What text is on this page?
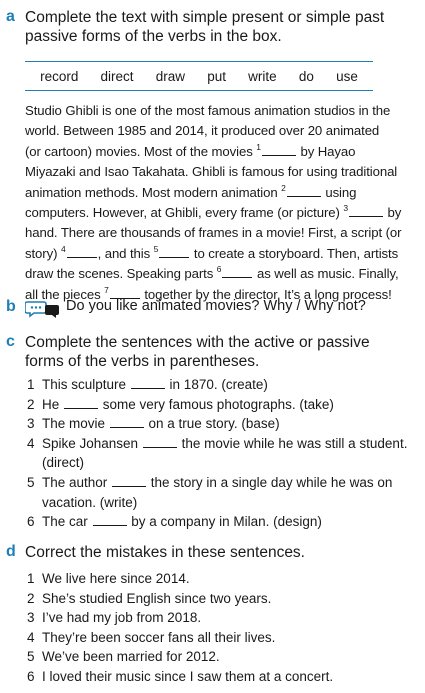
a Complete the text with simple present or simple past
passive forms of the verbs in the box.
record direct draw put write do use
Studio Ghibli is one of the most famous animation studios in the
world. Between 1985 and 2014, it produced over 20 animated
(or cartoon) movies. Most of the movies $^1$	by Hayao
Miyazaki and Isao Takahata. Ghibli is famous for using traditional
animation methods. Most modern animation $^2$	using
computers. However, at Ghibli, every frame (or picture) $^3$	by
hand. There are thousands of frames in a movie! First, a script (or
story) $^4$ , and this $^5$ to create a storyboard. Then, artists
draw the scenes. Speaking parts $^6$ as well as music. Finally,
all the pieces $^7$ together by the director. It’s a long process!
b	Do you like animated movies? Why / Why not?
c Complete the sentences with the active or passive
forms of the verbs in parentheses.
1 This sculpture	in 1870. (create)
2 He	some very famous photographs. (take)
3 The movie	on a true story. (base)
4 Spike Johansen	the movie while he was still a student.
(direct)
5 The author	the story in a single day while he was on
vacation. (write)
6 The car	by a company in Milan. (design)
d Correct the mistakes in these sentences.
1 We live here since 2014.
2 She’s studied English since two years.
3 I’ve had my job from 2018.
4 They’re been soccer fans all their lives.
5 We’ve been married for 2012.
6 I loved their music since I saw them at a concert.
